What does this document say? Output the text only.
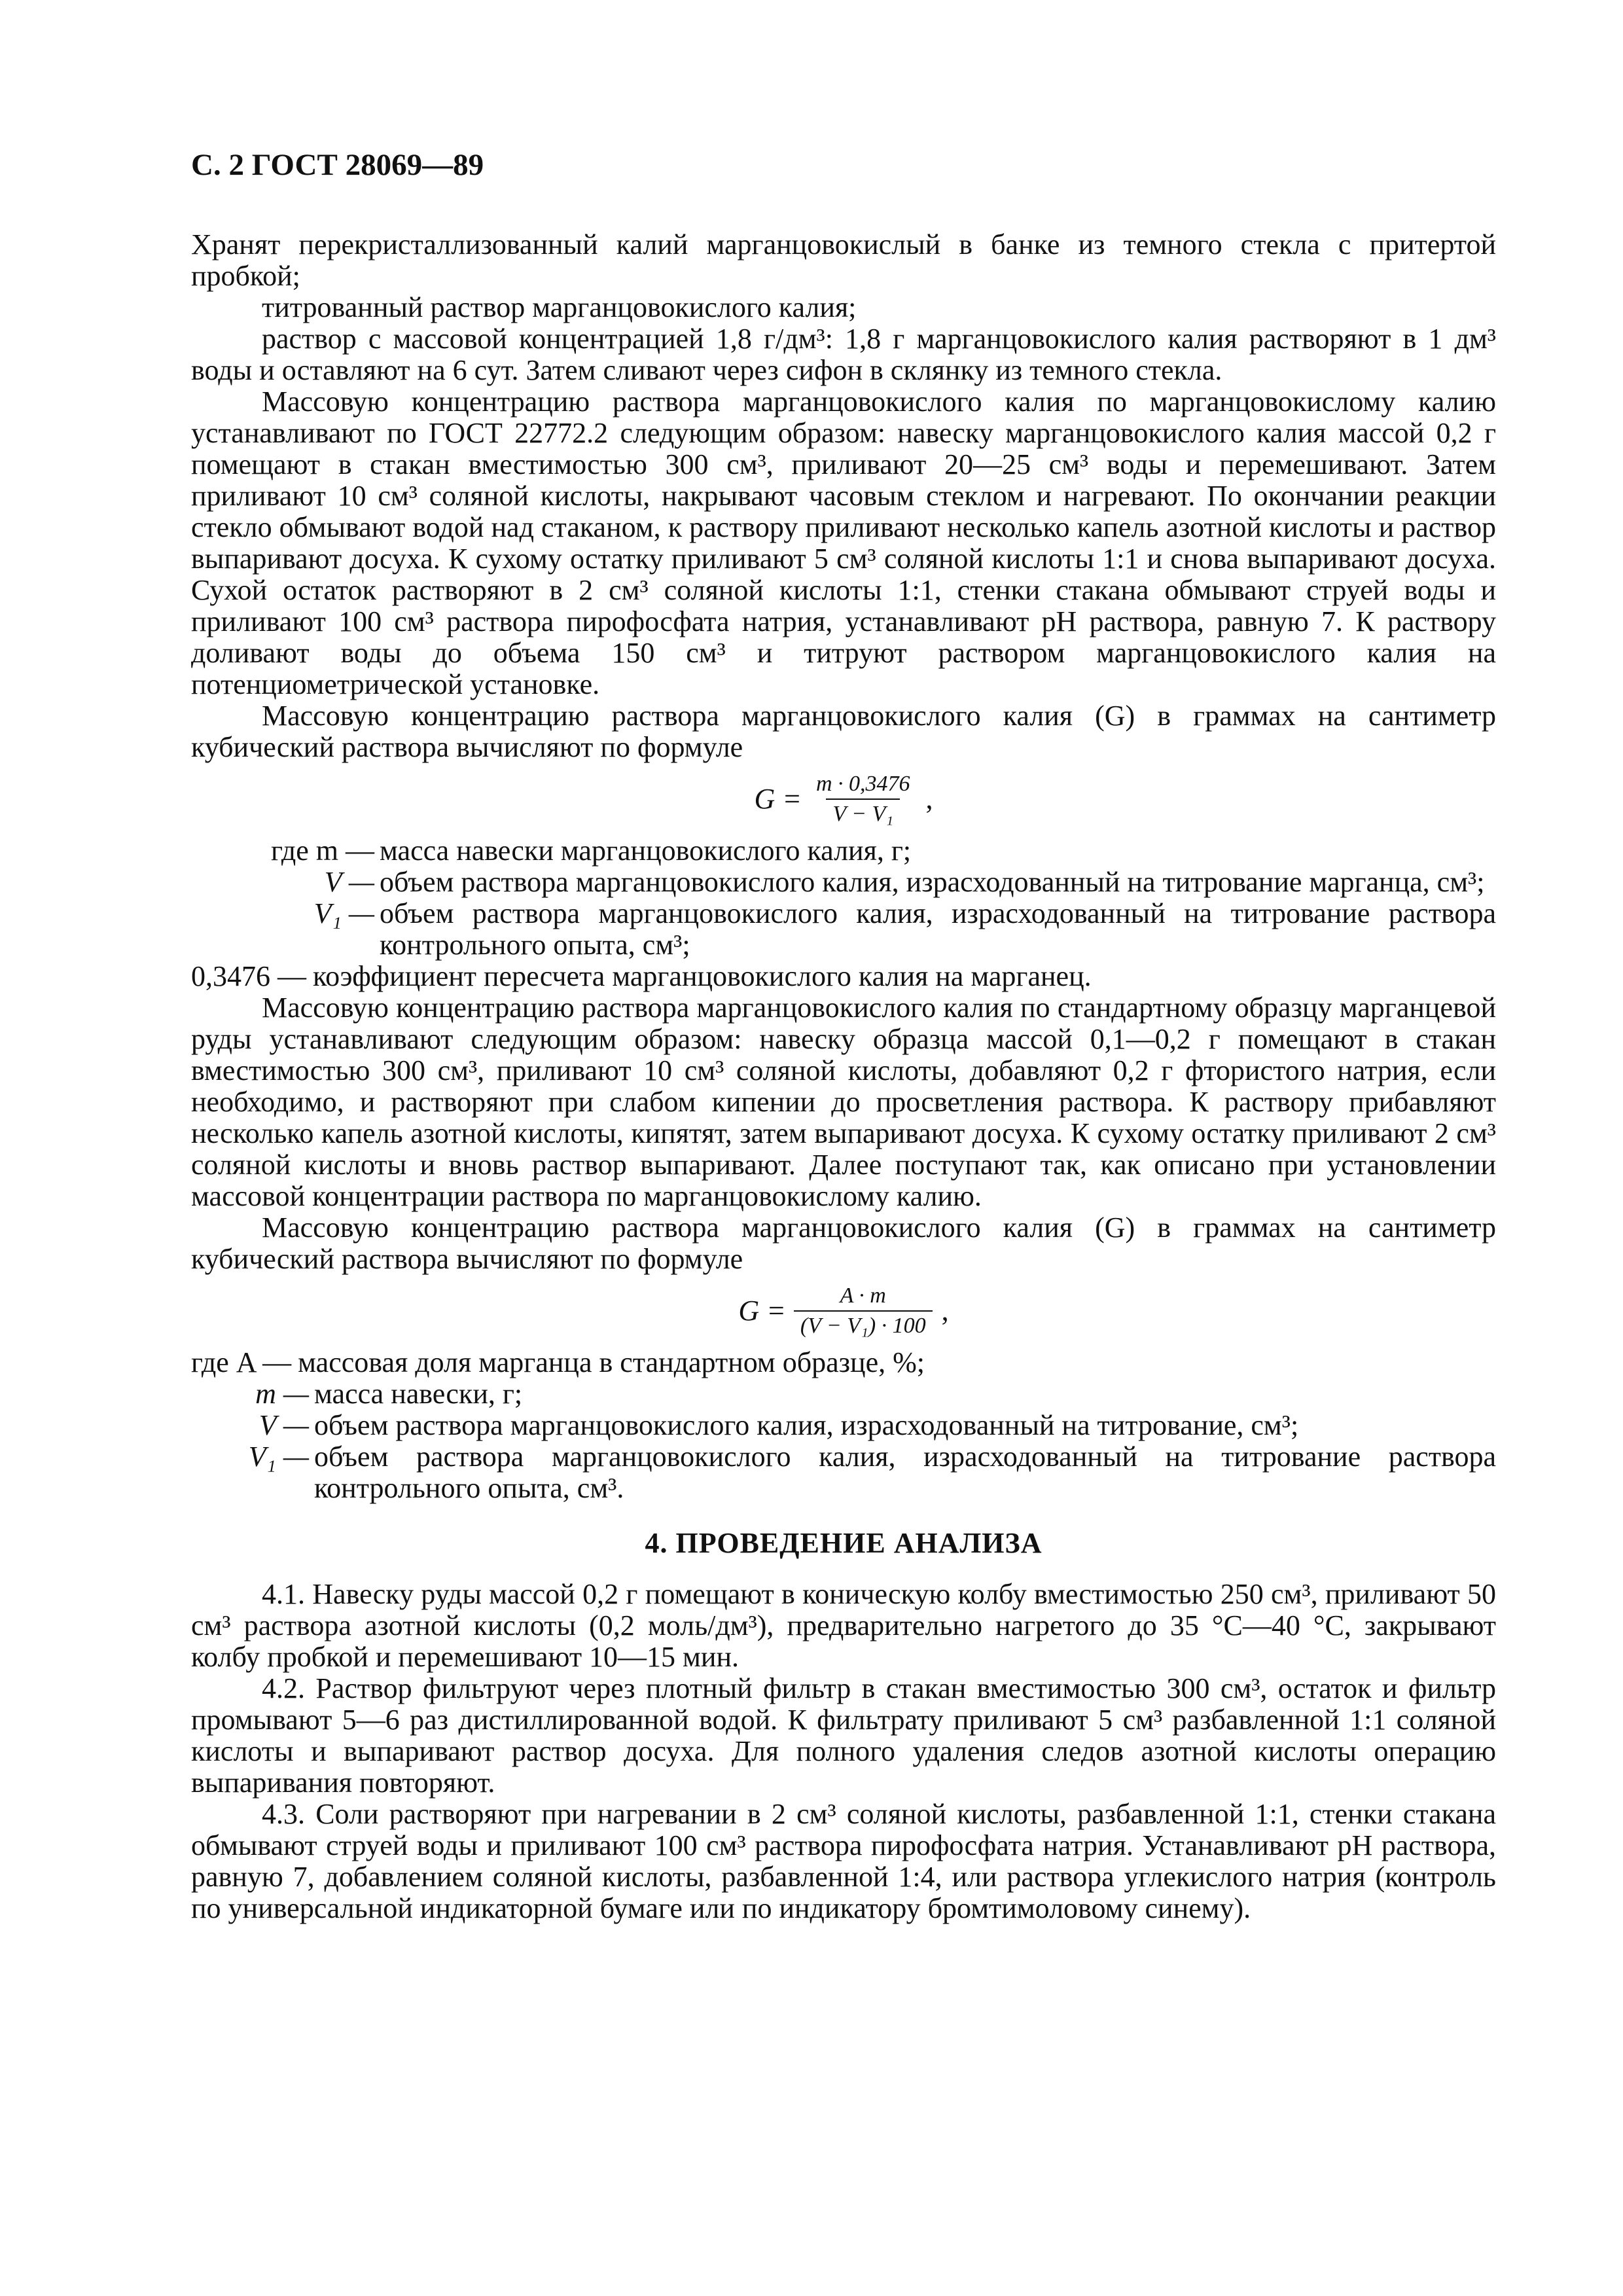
С. 2 ГОСТ 28069—89

Хранят перекристаллизованный калий марганцовокислый в банке из темного стекла с притертой пробкой;

титрованный раствор марганцовокислого калия;

раствор с массовой концентрацией 1,8 г/дм³: 1,8 г марганцовокислого калия растворяют в 1 дм³ воды и оставляют на 6 сут. Затем сливают через сифон в склянку из темного стекла.

Массовую концентрацию раствора марганцовокислого калия по марганцовокислому калию устанавливают по ГОСТ 22772.2 следующим образом: навеску марганцовокислого калия массой 0,2 г помещают в стакан вместимостью 300 см³, приливают 20—25 см³ воды и перемешивают. Затем приливают 10 см³ соляной кислоты, накрывают часовым стеклом и нагревают. По окончании реакции стекло обмывают водой над стаканом, к раствору приливают несколько капель азотной кислоты и раствор выпаривают досуха. К сухому остатку приливают 5 см³ соляной кислоты 1:1 и снова выпаривают досуха. Сухой остаток растворяют в 2 см³ соляной кислоты 1:1, стенки стакана обмывают струей воды и приливают 100 см³ раствора пирофосфата натрия, устанавливают pH раствора, равную 7. К раствору доливают воды до объема 150 см³ и титруют раствором марганцовокислого калия на потенциометрической установке.

Массовую концентрацию раствора марганцовокислого калия (G) в граммах на сантиметр кубический раствора вычисляют по формуле

$G = \frac{m \cdot 0,3476}{\text{V − V₁}}$ ,
где m — масса навески марганцовокислого калия, г;
V — объем раствора марганцовокислого калия, израсходованный на титрование марганца, см³;
V₁ — объем раствора марганцовокислого калия, израсходованный на титрование раствора контрольного опыта, см³;
0,3476 — коэффициент пересчета марганцовокислого калия на марганец.

Массовую концентрацию раствора марганцовокислого калия по стандартному образцу марганцевой руды устанавливают следующим образом: навеску образца массой 0,1—0,2 г помещают в стакан вместимостью 300 см³, приливают 10 см³ соляной кислоты, добавляют 0,2 г фтористого натрия, если необходимо, и растворяют при слабом кипении до просветления раствора. К раствору прибавляют несколько капель азотной кислоты, кипятят, затем выпаривают досуха. К сухому остатку приливают 2 см³ соляной кислоты и вновь раствор выпаривают. Далее поступают так, как описано при установлении массовой концентрации раствора по марганцовокислому калию.

Массовую концентрацию раствора марганцовокислого калия (G) в граммах на сантиметр кубический раствора вычисляют по формуле

$G = \frac{A \cdot m}{\text{(V − V₁) · 100}}$ ,
где A — массовая доля марганца в стандартном образце, %;
m — масса навески, г;
V — объем раствора марганцовокислого калия, израсходованный на титрование, см³;
V₁ — объем раствора марганцовокислого калия, израсходованный на титрование раствора контрольного опыта, см³.
4. ПРОВЕДЕНИЕ АНАЛИЗА

4.1. Навеску руды массой 0,2 г помещают в коническую колбу вместимостью 250 см³, приливают 50 см³ раствора азотной кислоты (0,2 моль/дм³), предварительно нагретого до 35 °С—40 °С, закрывают колбу пробкой и перемешивают 10—15 мин.

4.2. Раствор фильтруют через плотный фильтр в стакан вместимостью 300 см³, остаток и фильтр промывают 5—6 раз дистиллированной водой. К фильтрату приливают 5 см³ разбавленной 1:1 соляной кислоты и выпаривают раствор досуха. Для полного удаления следов азотной кислоты операцию выпаривания повторяют.

4.3. Соли растворяют при нагревании в 2 см³ соляной кислоты, разбавленной 1:1, стенки стакана обмывают струей воды и приливают 100 см³ раствора пирофосфата натрия. Устанавливают pH раствора, равную 7, добавлением соляной кислоты, разбавленной 1:4, или раствора углекислого натрия (контроль по универсальной индикаторной бумаге или по индикатору бромтимоловому синему).
